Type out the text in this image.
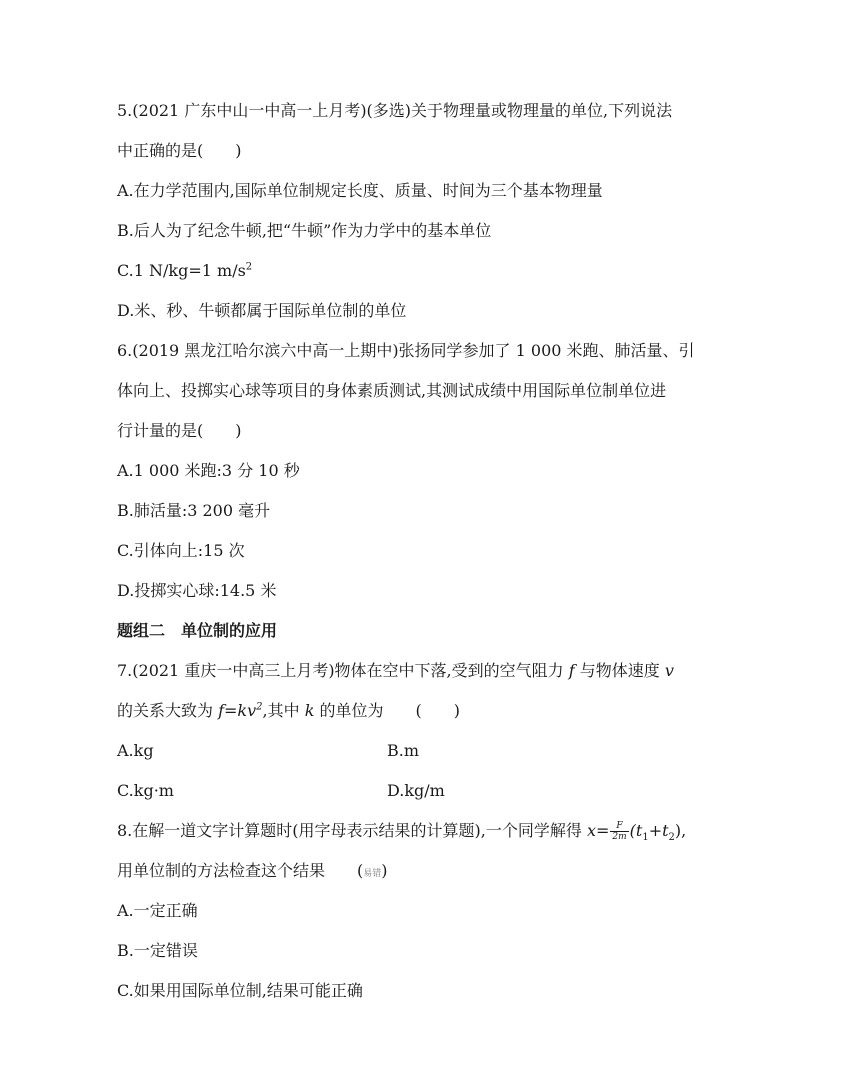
5.(2021 广东中山一中高一上月考)(多选)关于物理量或物理量的单位,下列说法
中正确的是(　　)
A.在力学范围内,国际单位制规定长度、质量、时间为三个基本物理量
B.后人为了纪念牛顿,把“牛顿”作为力学中的基本单位
C.1 N/kg=1 $m/s^2$
D.米、秒、牛顿都属于国际单位制的单位
6.(2019 黑龙江哈尔滨六中高一上期中)张扬同学参加了 1 000 米跑、肺活量、引
体向上、投掷实心球等项目的身体素质测试,其测试成绩中用国际单位制单位进
行计量的是(　　)
A.1 000 米跑:3 分 10 秒
B.肺活量:3 200 毫升
C.引体向上:15 次
D.投掷实心球:14.5 米
题组二　单位制的应用
7.(2021 重庆一中高三上月考)物体在空中下落,受到的空气阻力 f 与物体速度 v
的关系大致为 $f=kv^2$,其中 k 的单位为　　(　　)
A.kg	B.m
C.kg·m	D.kg/m
8.在解一道文字计算题时(用字母表示结果的计算题),一个同学解得 $x= \frac{F}{2m} (t_1+t_2)$,
用单位制的方法检查这个结果　　(易错)
A.一定正确
B.一定错误
C.如果用国际单位制,结果可能正确
